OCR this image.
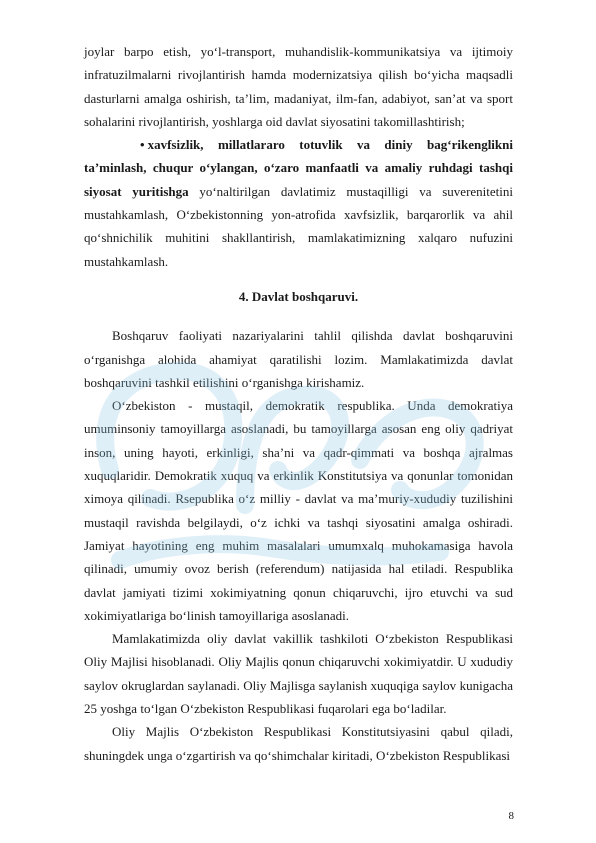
joylar barpo etish, yo‘l-transport, muhandislik-kommunikatsiya va ijtimoiy infratuzilmalarni rivojlantirish hamda modernizatsiya qilish bo‘yicha maqsadli dasturlarni amalga oshirish, ta’lim, madaniyat, ilm-fan, adabiyot, san’at va sport sohalarini rivojlantirish, yoshlarga oid davlat siyosatini takomillashtirish;

• xavfsizlik, millatlararo totuvlik va diniy bag‘rikenglikni ta’minlash, chuqur o‘ylangan, o‘zaro manfaatli va amaliy ruhdagi tashqi siyosat yuritishga yo‘naltirilgan davlatimiz mustaqilligi va suverenitetini mustahkamlash, O‘zbekistonning yon-atrofida xavfsizlik, barqarorlik va ahil qo‘shnichilik muhitini shakllantirish, mamlakatimizning xalqaro nufuzini mustahkamlash.

4. Davlat boshqaruvi.

Boshqaruv faoliyati nazariyalarini tahlil qilishda davlat boshqaruvini o‘rganishga alohida ahamiyat qaratilishi lozim. Mamlakatimizda davlat boshqaruvini tashkil etilishini o‘rganishga kirishamiz.

O‘zbekiston - mustaqil, demokratik respublika. Unda demokratiya umuminsoniy tamoyillarga asoslanadi, bu tamoyillarga asosan eng oliy qadriyat inson, uning hayoti, erkinligi, sha’ni va qadr-qimmati va boshqa ajralmas xuquqlaridir. Demokratik xuquq va erkinlik Konstitutsiya va qonunlar tomonidan ximoya qilinadi. Rsepublika o‘z milliy - davlat va ma’muriy-xududiy tuzilishini mustaqil ravishda belgilaydi, o‘z ichki va tashqi siyosatini amalga oshiradi. Jamiyat hayotining eng muhim masalalari umumxalq muhokamasiga havola qilinadi, umumiy ovoz berish (referendum) natijasida hal etiladi. Respublika davlat jamiyati tizimi xokimiyatning qonun chiqaruvchi, ijro etuvchi va sud xokimiyatlariga bo‘linish tamoyillariga asoslanadi.

Mamlakatimizda oliy davlat vakillik tashkiloti O‘zbekiston Respublikasi Oliy Majlisi hisoblanadi. Oliy Majlis qonun chiqaruvchi xokimiyatdir. U xududiy saylov okruglardan saylanadi. Oliy Majlisga saylanish xuquqiga saylov kunigacha 25 yoshga to‘lgan O‘zbekiston Respublikasi fuqarolari ega bo‘ladilar.

Oliy Majlis O‘zbekiston Respublikasi Konstitutsiyasini qabul qiladi, shuningdek unga o‘zgartirish va qo‘shimchalar kiritadi, O‘zbekiston Respublikasi

8
